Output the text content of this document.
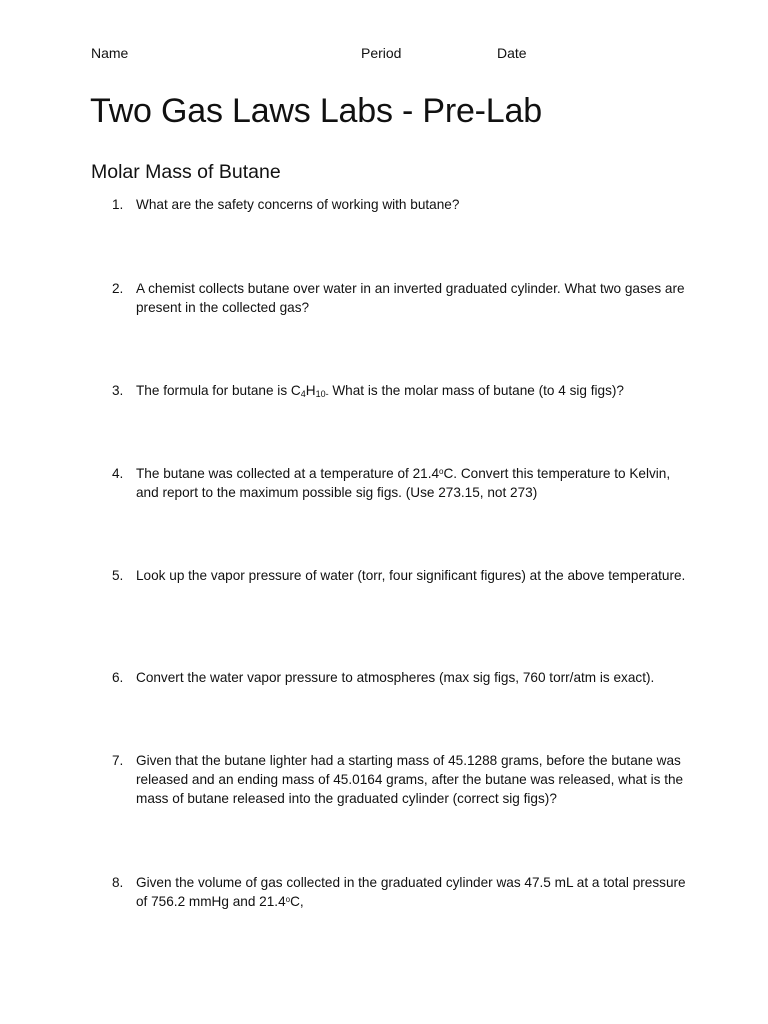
Name	Period	Date
Two Gas Laws Labs - Pre-Lab
Molar Mass of Butane
1. What are the safety concerns of working with butane?
2. A chemist collects butane over water in an inverted graduated cylinder. What two gases are present in the collected gas?
3. The formula for butane is $C_4H_{10-}$ What is the molar mass of butane (to 4 sig figs)?
4. The butane was collected at a temperature of 21.4$^o$C. Convert this temperature to Kelvin, and report to the maximum possible sig figs. (Use 273.15, not 273)
5. Look up the vapor pressure of water (torr, four significant figures) at the above temperature.
6. Convert the water vapor pressure to atmospheres (max sig figs, 760 torr/atm is exact).
7. Given that the butane lighter had a starting mass of 45.1288 grams, before the butane was released and an ending mass of 45.0164 grams, after the butane was released, what is the mass of butane released into the graduated cylinder (correct sig figs)?
8. Given the volume of gas collected in the graduated cylinder was 47.5 mL at a total pressure of 756.2 mmHg and 21.4$^o$C,
